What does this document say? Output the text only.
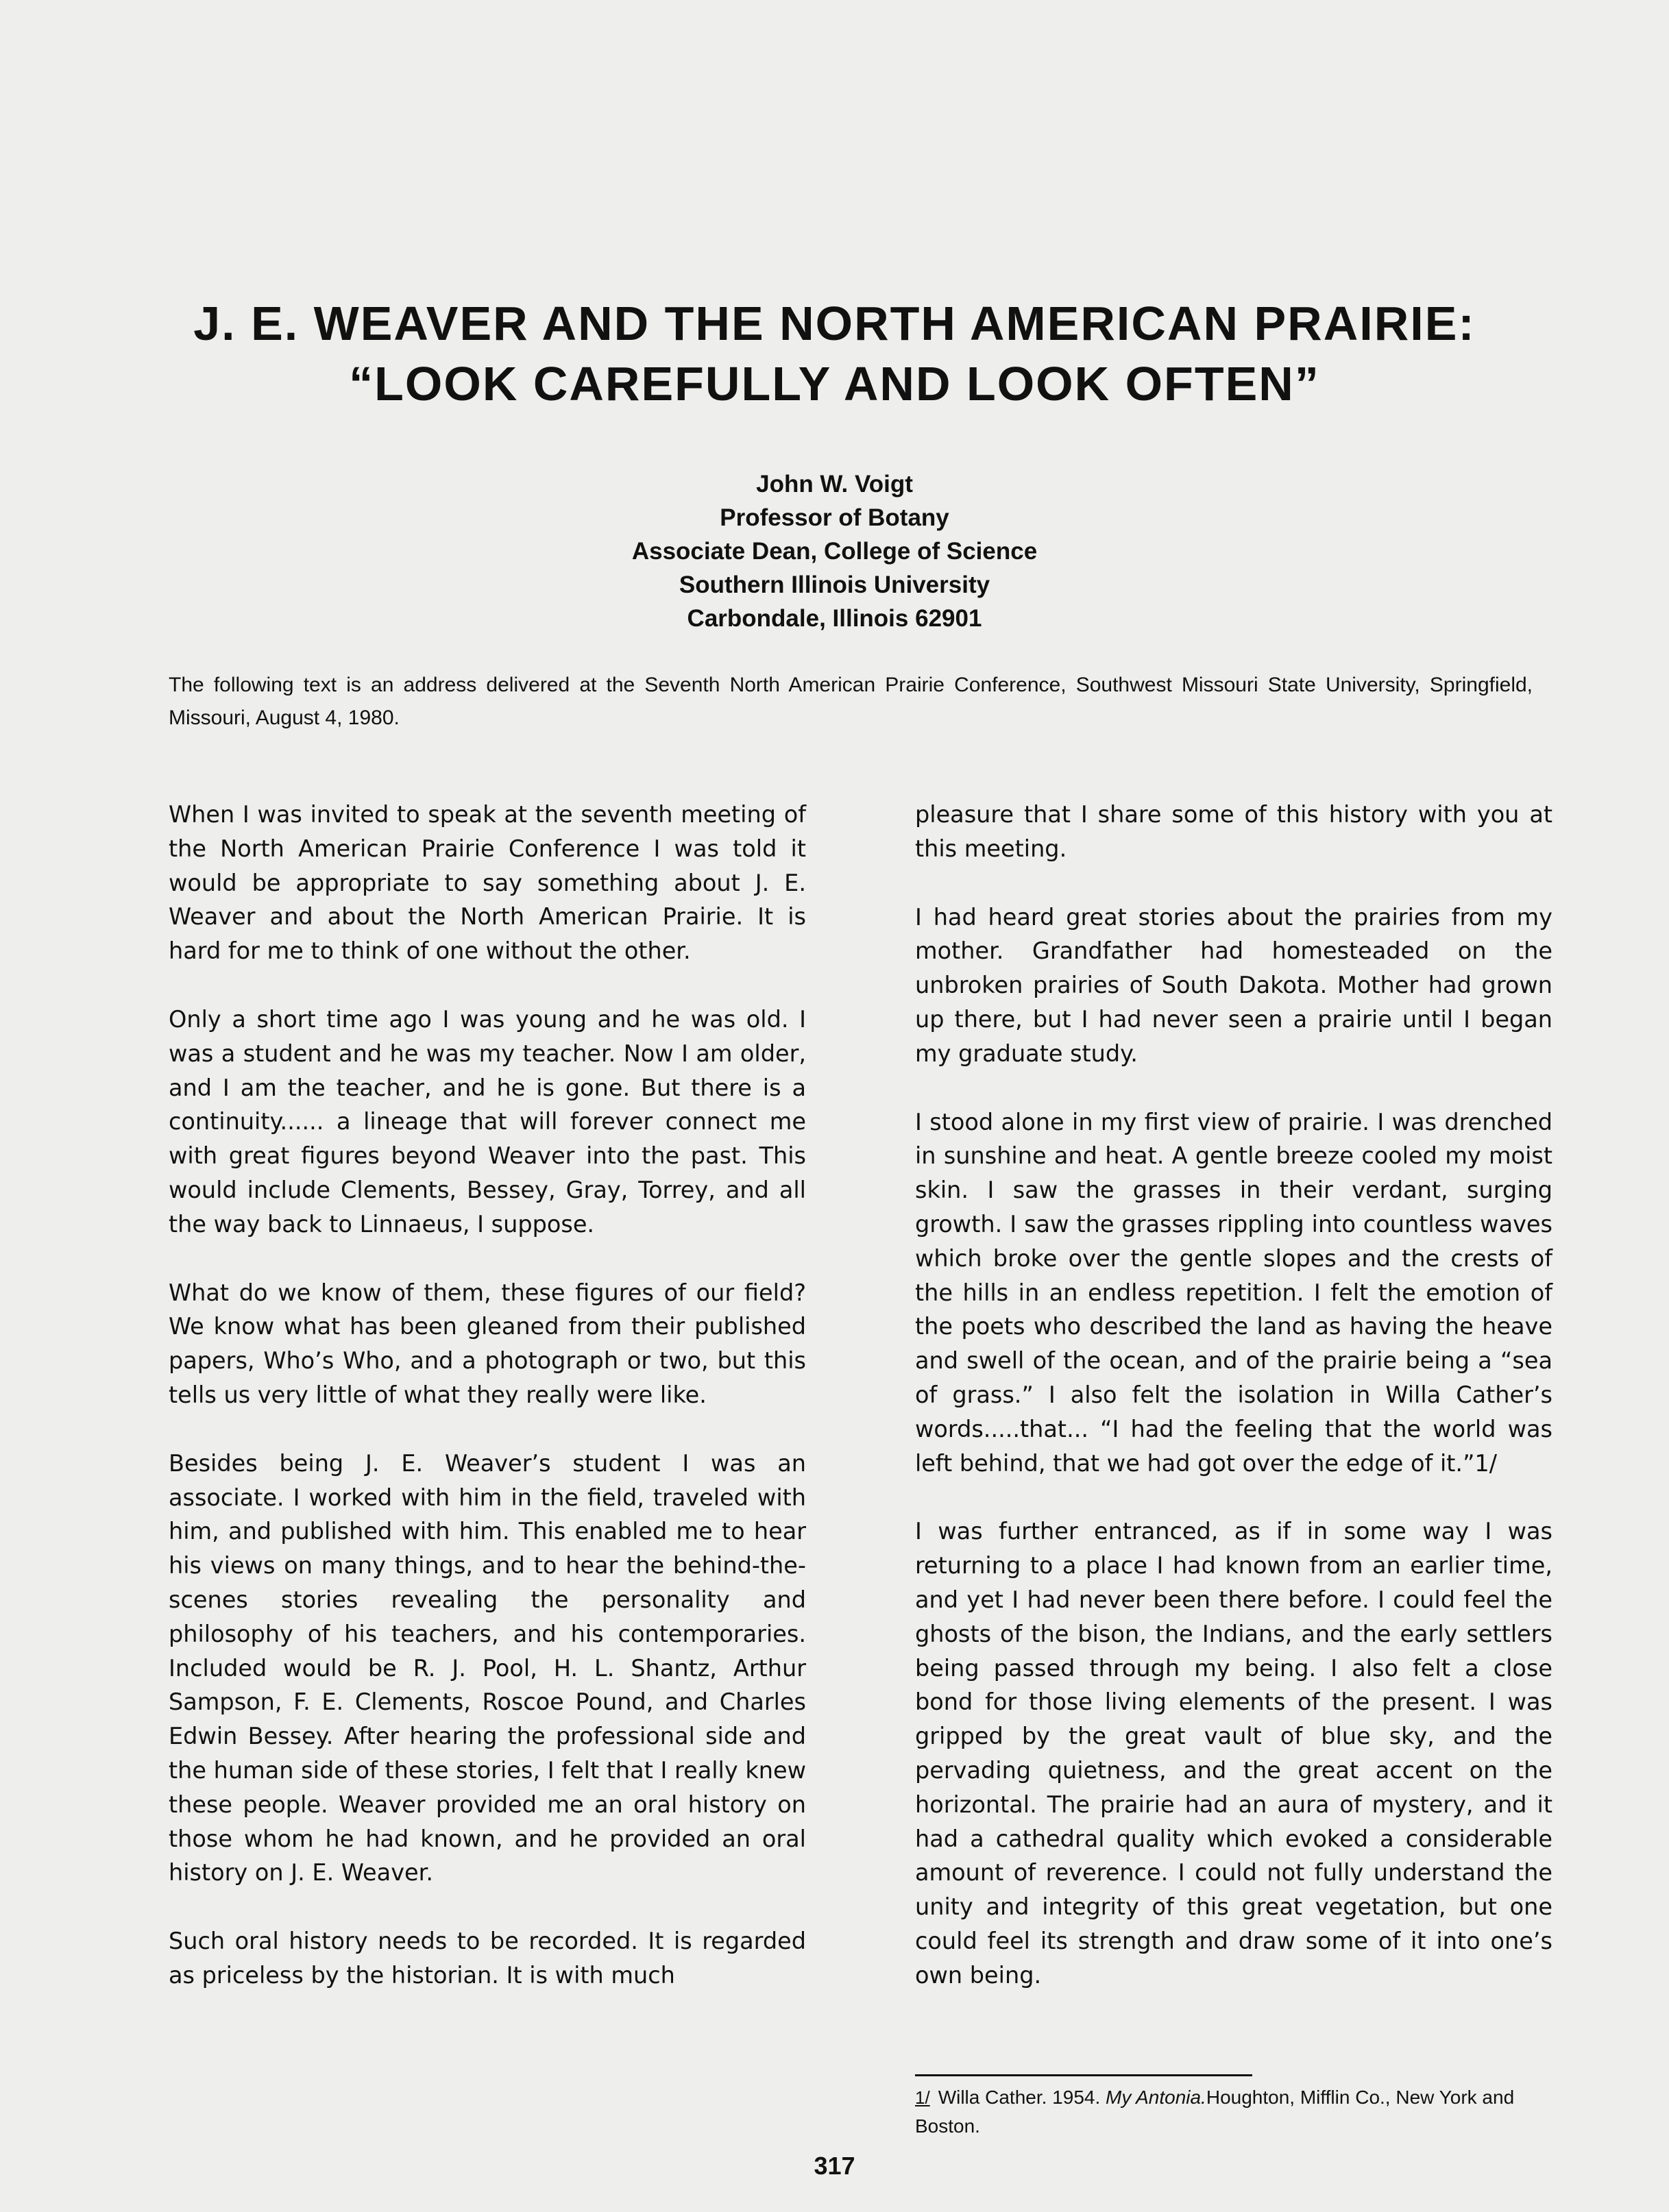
J. E. WEAVER AND THE NORTH AMERICAN PRAIRIE:
“LOOK CAREFULLY AND LOOK OFTEN”
John W. Voigt
Professor of Botany
Associate Dean, College of Science
Southern Illinois University
Carbondale, Illinois 62901
The following text is an address delivered at the Seventh North American Prairie Conference, Southwest Missouri State University, Springfield, Missouri, August 4, 1980.

When I was invited to speak at the seventh meeting of the North American Prairie Conference I was told it would be appropriate to say something about J. E. Weaver and about the North American Prairie. It is hard for me to think of one without the other.

Only a short time ago I was young and he was old. I was a student and he was my teacher. Now I am older, and I am the teacher, and he is gone. But there is a continuity...... a lineage that will forever connect me with great figures beyond Weaver into the past. This would include Clements, Bessey, Gray, Torrey, and all the way back to Linnaeus, I suppose.

What do we know of them, these figures of our field? We know what has been gleaned from their published papers, Who’s Who, and a photograph or two, but this tells us very little of what they really were like.

Besides being J. E. Weaver’s student I was an associate. I worked with him in the field, traveled with him, and published with him. This enabled me to hear his views on many things, and to hear the behind-the-scenes stories revealing the personality and philosophy of his teachers, and his contemporaries. Included would be R. J. Pool, H. L. Shantz, Arthur Sampson, F. E. Clements, Roscoe Pound, and Charles Edwin Bessey. After hearing the professional side and the human side of these stories, I felt that I really knew these people. Weaver provided me an oral history on those whom he had known, and he provided an oral history on J. E. Weaver.

Such oral history needs to be recorded. It is regarded as priceless by the historian. It is with much

pleasure that I share some of this history with you at this meeting.

I had heard great stories about the prairies from my mother. Grandfather had homesteaded on the unbroken prairies of South Dakota. Mother had grown up there, but I had never seen a prairie until I began my graduate study.

I stood alone in my first view of prairie. I was drenched in sunshine and heat. A gentle breeze cooled my moist skin. I saw the grasses in their verdant, surging growth. I saw the grasses rippling into countless waves which broke over the gentle slopes and the crests of the hills in an endless repetition. I felt the emotion of the poets who described the land as having the heave and swell of the ocean, and of the prairie being a “sea of grass.” I also felt the isolation in Willa Cather’s words.....that... “I had the feeling that the world was left behind, that we had got over the edge of it.”1/

I was further entranced, as if in some way I was returning to a place I had known from an earlier time, and yet I had never been there before. I could feel the ghosts of the bison, the Indians, and the early settlers being passed through my being. I also felt a close bond for those living elements of the present. I was gripped by the great vault of blue sky, and the pervading quietness, and the great accent on the horizontal. The prairie had an aura of mystery, and it had a cathedral quality which evoked a considerable amount of reverence. I could not fully understand the unity and integrity of this great vegetation, but one could feel its strength and draw some of it into one’s own being.

1/ Willa Cather. 1954. My Antonia.Houghton, Mifflin Co., New York and Boston.
317
